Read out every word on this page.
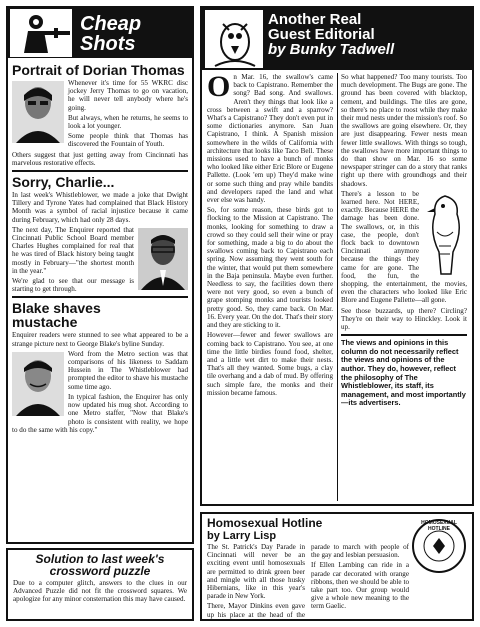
Cheap
Shots
Portrait of Dorian Thomas

Whenever it's time for 55 WKRC disc jockey Jerry Thomas to go on vacation, he will never tell anybody where he's going.

But always, when he returns, he seems to look a lot younger.

Some people think that Thomas has discovered the Fountain of Youth.

Others suggest that just getting away from Cincinnati has marvelous restorative effects.

Sorry, Charlie...

In last week's Whistleblower, we made a joke that Dwight Tillery and Tyrone Yates had complained that Black History Month was a symbol of racial injustice because it came during February, which had only 28 days.

The next day, The Enquirer reported that Cincinnati Public School Board member Charles Hughes complained for real that he was tired of Black history being taught mostly in February—"the shortest month in the year."

We're glad to see that our message is starting to get through.

Blake shaves
mustache

Enquirer readers were stunned to see what appeared to be a strange picture next to George Blake's byline Sunday.

Word from the Metro section was that comparisons of his likeness to Saddam Hussein in The Whistleblower had prompted the editor to shave his mustache some time ago.

In typical fashion, the Enquirer has only now updated his mug shot. According to one Metro staffer, "Now that Blake's photo is consistent with reality, we hope to do the same with his copy."

Solution to last week's
crossword puzzle

Due to a computer glitch, answers to the clues in our Advanced Puzzle did not fit the crossword squares. We apologize for any minor consternation this may have caused.

Another Real
Guest Editorial
by Bunky Tadwell

On Mar. 16, the swallow's came back to Capistrano. Remember the song? Bad song. And swallows. Aren't they things that look like a cross between a swift and a sparrow? What's a Capistrano? They don't even put in some dictionaries anymore. San Juan Capistrano, I think. A Spanish mission somewhere in the wilds of California with architecture that looks like Taco Bell. These missions used to have a bunch of monks who looked like either Eric Blore or Eugene Pallette. (Look 'em up) They'd make wine or some such thing and pray while bandits and developers raped the land and what ever else was handy.

So, for some reason, these birds got to flocking to the Mission at Capistrano. The monks, looking for something to draw a crowd so they could sell their wine or pray for something, made a big to do about the swallows coming back to Capistrano each spring. Now assuming they went south for the winter, that would put them somewhere in the Baja peninsula. Maybe even further. Needless to say, the facilities down there were not very good, so even a bunch of grape stomping monks and tourists looked pretty good. So, they came back. On Mar. 16. Every year. On the dot. That's their story and they are sticking to it.

However—fewer and fewer swallows are coming back to Capistrano. You see, at one time the little birdies found food, shelter, and a little wet dirt to make their nests. That's all they wanted. Some bugs, a clay tile overhang and a dab of mud. By offering such simple fare, the monks and their mission became famous.

So what happened? Too many tourists. Too much development. The Bugs are gone. The ground has been covered with blacktop, cement, and buildings. The tiles are gone, so there's no place to roost while they make their mud nests under the mission's roof. So the swallows are going elsewhere. Or, they are just disappearing. Fewer nests mean fewer little swallows. With things so tough, the swallows have more important things to do than show on Mar. 16 so some newspaper stringer can do a story that ranks right up there with groundhogs and their shadows.

There's a lesson to be learned here. Not HERE, exactly. Because HERE the damage has been done. The swallows, or, in this case, the people, don't flock back to downtown Cincinnati anymore because the things they came for are gone. The food, the fun, the shopping, the entertainment, the movies, even the characters who looked like Eric Blore and Eugene Pallette—all gone.

See those buzzards, up there? Circling? They're on their way to Hinckley. Look it up.

The views and opinions in this column do not necessarily reflect the views and opinions of the author. They do, however, reflect the philosophy of The Whistleblower, its staff, its management, and most importantly—its advertisers.

Homosexual Hotline
by Larry Lisp
HOMOSEXUAL HOTLINE

The St. Patrick's Day Parade in Cincinnati will never be an exciting event until homosexuals are permitted to drink green beer and mingle with all those husky Hibernians, like in this year's parade in New York.

There, Mayor Dinkins even gave up his place at the head of the parade to march with people of the gay and lesbian persuasion.

If Ellen Lambing can ride in a parade car decorated with orange ribbons, then we should be able to take part too. Our group would give a whole new meaning to the term Gaelic.
